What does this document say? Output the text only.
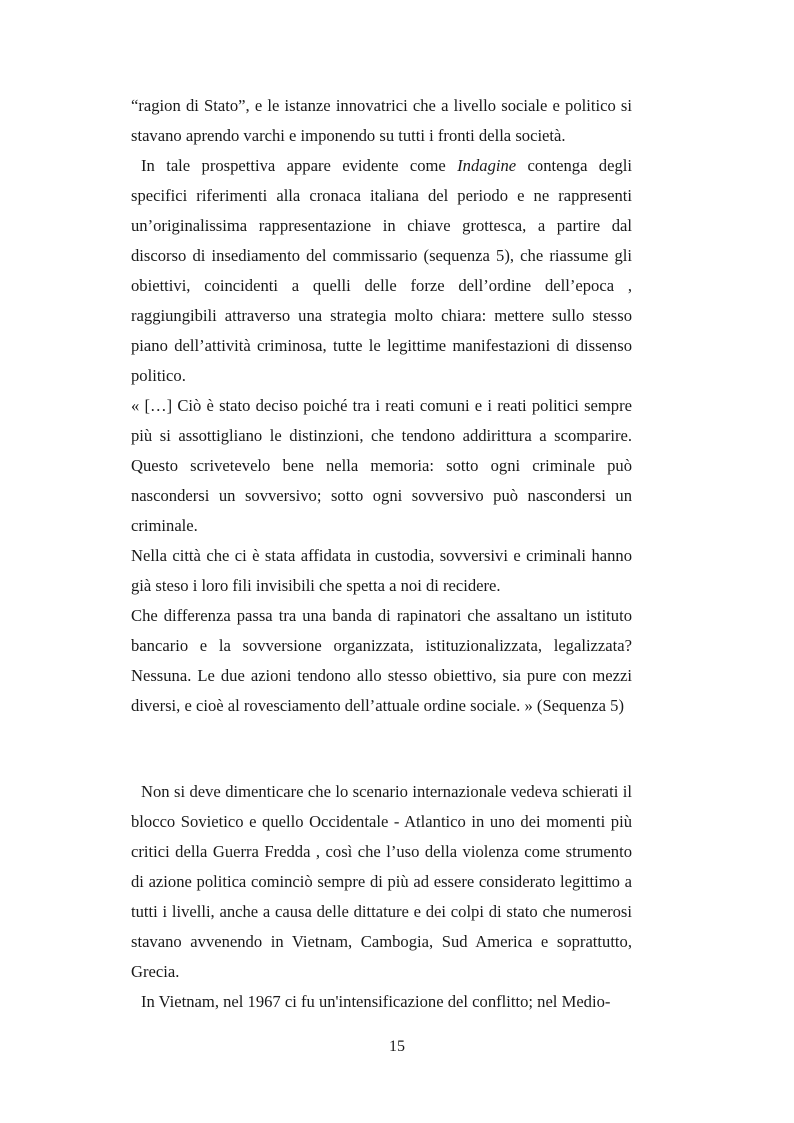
“ragion di Stato”, e le istanze innovatrici che a livello sociale e politico si stavano aprendo varchi e imponendo su tutti i fronti della società.

In tale prospettiva appare evidente come Indagine contenga degli specifici riferimenti alla cronaca italiana del periodo e ne rappresenti un’originalissima rappresentazione in chiave grottesca, a partire dal discorso di insediamento del commissario (sequenza 5), che riassume gli obiettivi, coincidenti a quelli delle forze dell’ordine dell’epoca , raggiungibili attraverso una strategia molto chiara: mettere sullo stesso piano dell’attività criminosa, tutte le legittime manifestazioni di dissenso politico.

« […] Ciò è stato deciso poiché tra i reati comuni e i reati politici sempre più si assottigliano le distinzioni, che tendono addirittura a scomparire. Questo scrivetevelo bene nella memoria: sotto ogni criminale può nascondersi un sovversivo; sotto ogni sovversivo può nascondersi un criminale.

Nella città che ci è stata affidata in custodia, sovversivi e criminali hanno già steso i loro fili invisibili che spetta a noi di recidere.

Che differenza passa tra una banda di rapinatori che assaltano un istituto bancario e la sovversione organizzata, istituzionalizzata, legalizzata? Nessuna. Le due azioni tendono allo stesso obiettivo, sia pure con mezzi diversi, e cioè al rovesciamento dell’attuale ordine sociale. » (Sequenza 5)

Non si deve dimenticare che lo scenario internazionale vedeva schierati il blocco Sovietico e quello Occidentale - Atlantico in uno dei momenti più critici della Guerra Fredda , così che l’uso della violenza come strumento di azione politica cominciò sempre di più ad essere considerato legittimo a tutti i livelli, anche a causa delle dittature e dei colpi di stato che numerosi stavano avvenendo in Vietnam, Cambogia, Sud America e soprattutto, Grecia.

In Vietnam, nel 1967 ci fu un'intensificazione del conflitto; nel Medio-

15
